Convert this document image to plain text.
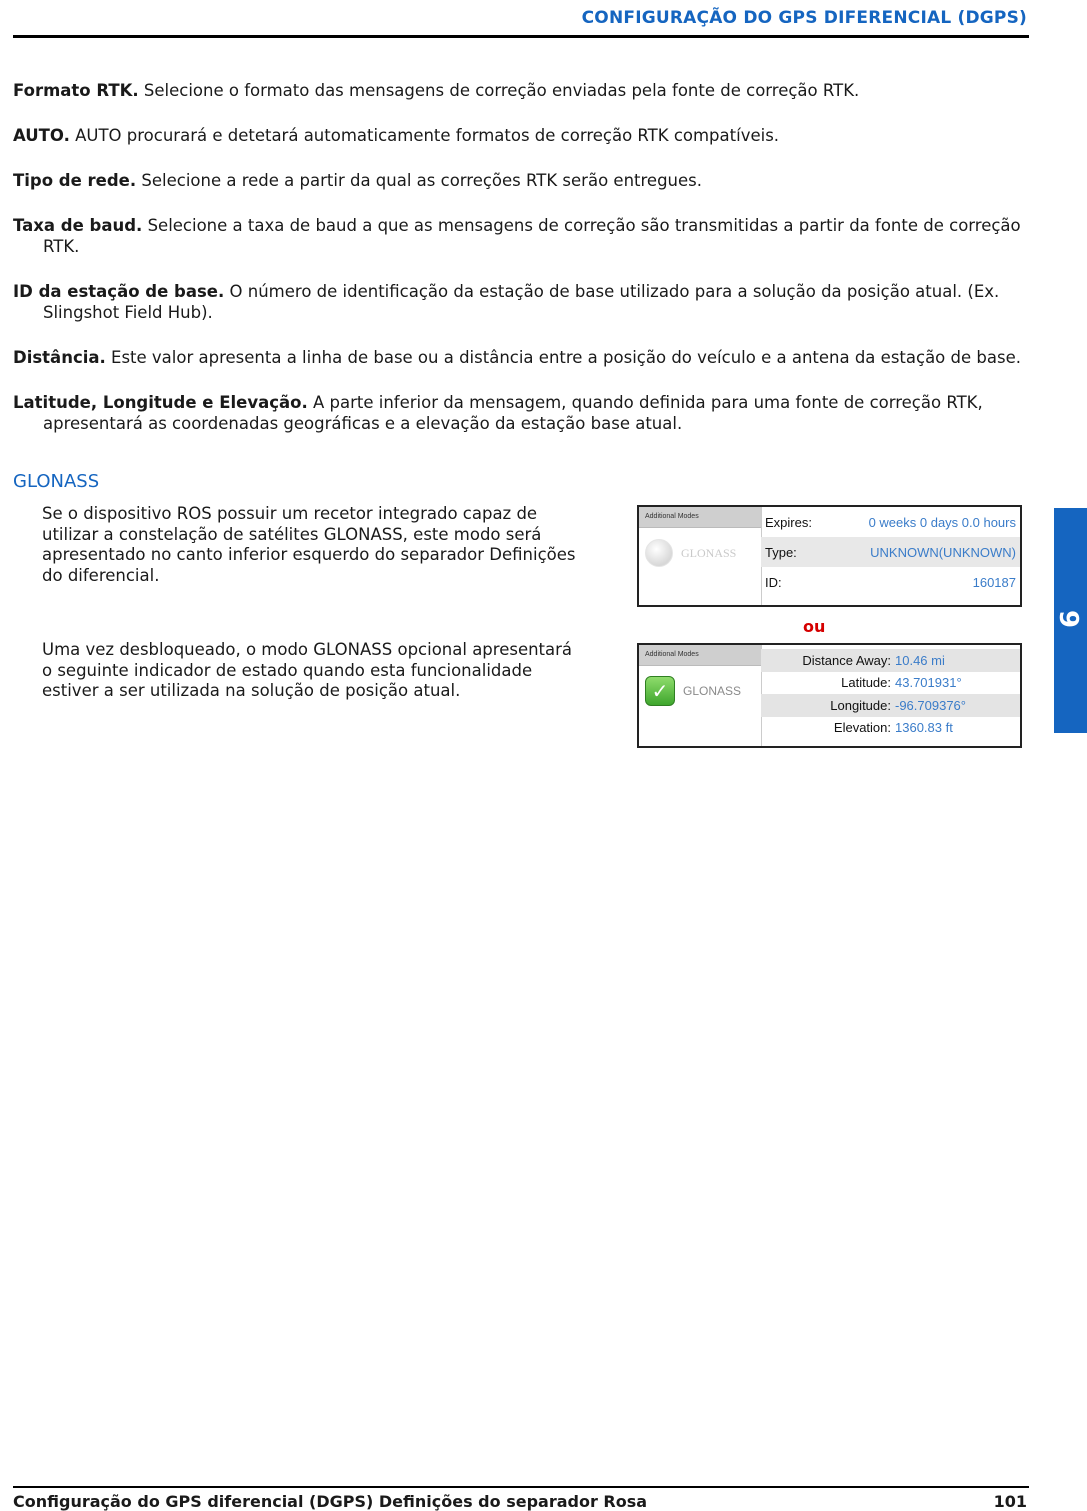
CONFIGURAÇÃO DO GPS DIFERENCIAL (DGPS)

Formato RTK. Selecione o formato das mensagens de correção enviadas pela fonte de correção RTK.

AUTO. AUTO procurará e detetará automaticamente formatos de correção RTK compatíveis.

Tipo de rede. Selecione a rede a partir da qual as correções RTK serão entregues.

Taxa de baud. Selecione a taxa de baud a que as mensagens de correção são transmitidas a partir da fonte de correção RTK.

ID da estação de base. O número de identificação da estação de base utilizado para a solução da posição atual. (Ex. Slingshot Field Hub).

Distância. Este valor apresenta a linha de base ou a distância entre a posição do veículo e a antena da estação de base.

Latitude, Longitude e Elevação. A parte inferior da mensagem, quando definida para uma fonte de correção RTK, apresentará as coordenadas geográficas e a elevação da estação base atual.

GLONASS
Se o dispositivo ROS possuir um recetor integrado capaz de utilizar a constelação de satélites GLONASS, este modo será apresentado no canto inferior esquerdo do separador Definições do diferencial.
Uma vez desbloqueado, o modo GLONASS opcional apresentará o seguinte indicador de estado quando esta funcionalidade estiver a ser utilizada na solução de posição atual.
Additional Modes
GLONASS
Expires:	0 weeks 0 days 0.0 hours
Type:	UNKNOWN(UNKNOWN)
ID:	160187
ou
Additional Modes
✓	GLONASS
Distance Away: 10.46 mi
Latitude: 43.701931°
Longitude: -96.709376°
Elevation: 1360.83 ft
9
Configuração do GPS diferencial (DGPS) Definições do separador Rosa	101
